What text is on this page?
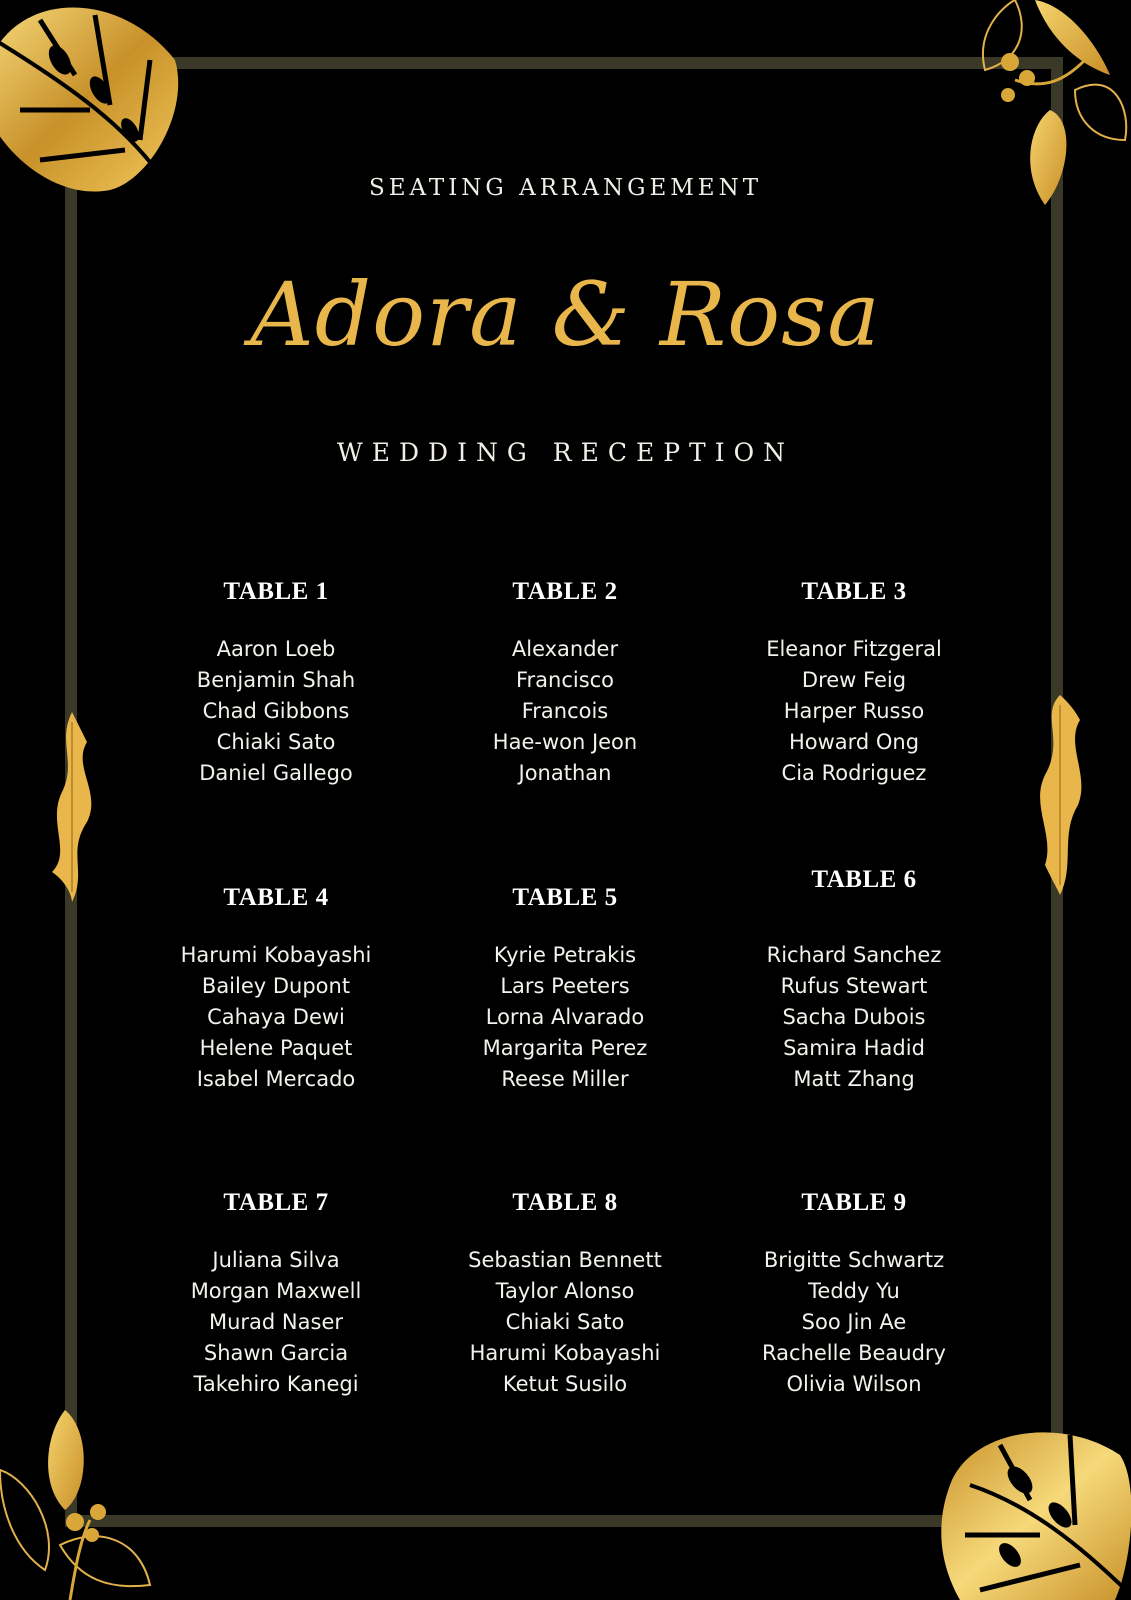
SEATING ARRANGEMENT
Adora & Rosa
WEDDING RECEPTION
TABLE 1
Aaron Loeb
Benjamin Shah
Chad Gibbons
Chiaki Sato
Daniel Gallego
TABLE 2
Alexander
Francisco
Francois
Hae-won Jeon
Jonathan
TABLE 3
Eleanor Fitzgeral
Drew Feig
Harper Russo
Howard Ong
Cia Rodriguez
TABLE 4
Harumi Kobayashi
Bailey Dupont
Cahaya Dewi
Helene Paquet
Isabel Mercado
TABLE 5
Kyrie Petrakis
Lars Peeters
Lorna Alvarado
Margarita Perez
Reese Miller
TABLE 6
Richard Sanchez
Rufus Stewart
Sacha Dubois
Samira Hadid
Matt Zhang
TABLE 7
Juliana Silva
Morgan Maxwell
Murad Naser
Shawn Garcia
Takehiro Kanegi
TABLE 8
Sebastian Bennett
Taylor Alonso
Chiaki Sato
Harumi Kobayashi
Ketut Susilo
TABLE 9
Brigitte Schwartz
Teddy Yu
Soo Jin Ae
Rachelle Beaudry
Olivia Wilson
